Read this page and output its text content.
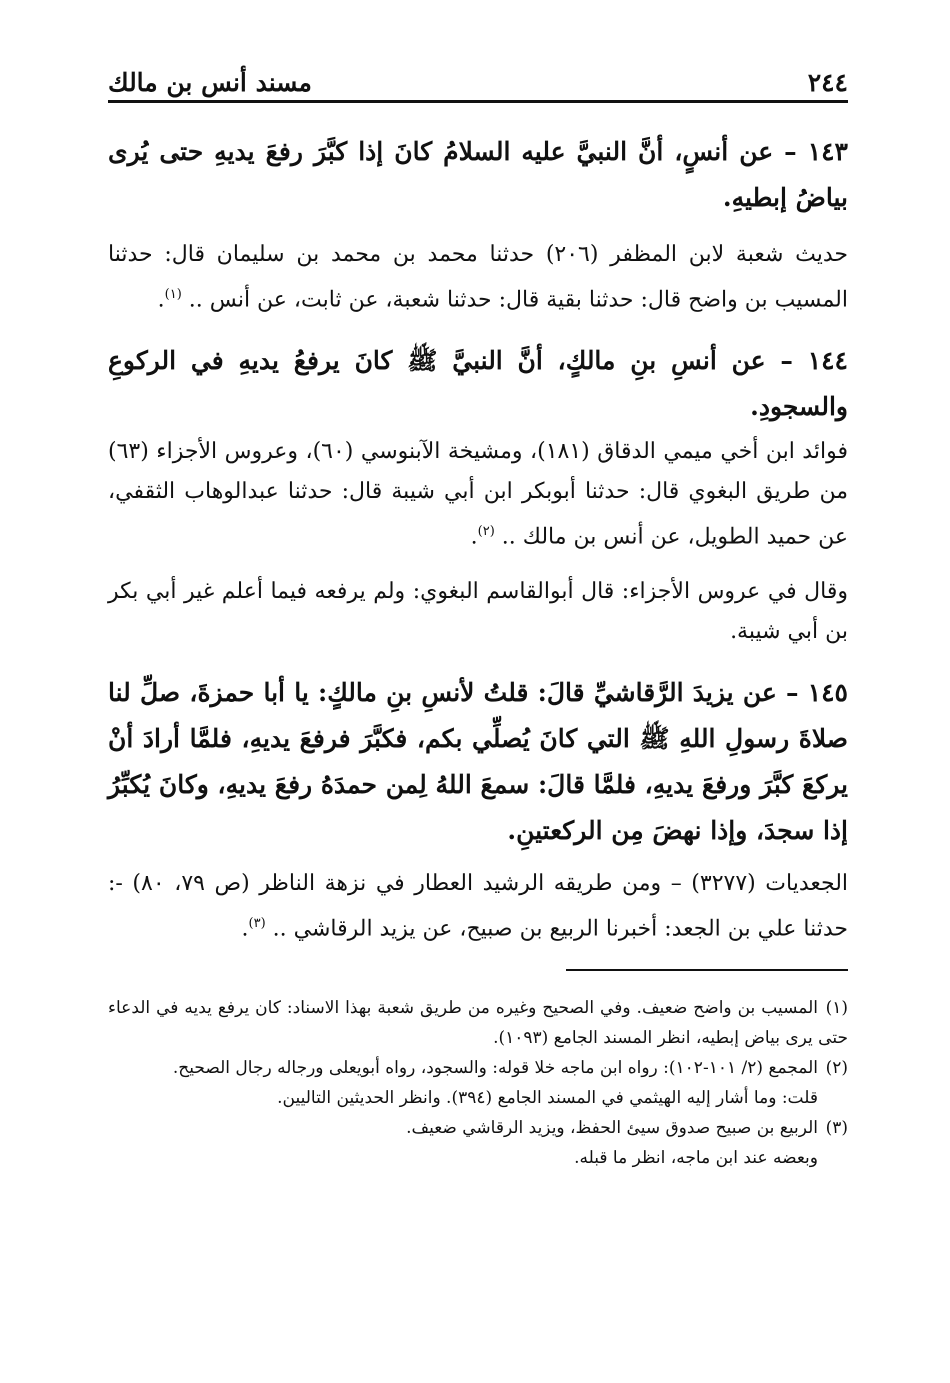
٢٤٤
مسند أنس بن مالك

١٤٣ – عن أنسٍ، أنَّ النبيَّ عليه السلامُ كانَ إذا كبَّرَ رفعَ يديهِ حتى يُرى بياضُ إبطيهِ.

حديث شعبة لابن المظفر (٢٠٦) حدثنا محمد بن محمد بن سليمان قال: حدثنا المسيب بن واضح قال: حدثنا بقية قال: حدثنا شعبة، عن ثابت، عن أنس .. $^{(١)}$.

١٤٤ – عن أنسِ بنِ مالكٍ، أنَّ النبيَّ ﷺ كانَ يرفعُ يديهِ في الركوعِ والسجودِ.

فوائد ابن أخي ميمي الدقاق (١٨١)، ومشيخة الآبنوسي (٦٠)، وعروس الأجزاء (٦٣) من طريق البغوي قال: حدثنا أبوبكر ابن أبي شيبة قال: حدثنا عبدالوهاب الثقفي، عن حميد الطويل، عن أنس بن مالك .. $^{(٢)}$.

وقال في عروس الأجزاء: قال أبوالقاسم البغوي: ولم يرفعه فيما أعلم غير أبي بكر بن أبي شيبة.

١٤٥ – عن يزيدَ الرَّقاشيِّ قالَ: قلتُ لأنسِ بنِ مالكٍ: يا أبا حمزةَ، صلِّ لنا صلاةَ رسولِ اللهِ ﷺ التي كانَ يُصلِّي بكم، فكبَّرَ فرفعَ يديهِ، فلمَّا أرادَ أنْ يركعَ كبَّرَ ورفعَ يديهِ، فلمَّا قالَ: سمعَ اللهُ لِمن حمدَهُ رفعَ يديهِ، وكانَ يُكبِّرُ إذا سجدَ، وإذا نهضَ مِن الركعتينِ.

الجعديات (٣٢٧٧) – ومن طريقه الرشيد العطار في نزهة الناظر (ص ٧٩، ٨٠) -: حدثنا علي بن الجعد: أخبرنا الربيع بن صبيح، عن يزيد الرقاشي .. $^{(٣)}$.

(١)المسيب بن واضح ضعيف. وفي الصحيح وغيره من طريق شعبة بهذا الاسناد: كان يرفع يديه في الدعاء حتى يرى بياض إبطيه، انظر المسند الجامع (١٠٩٣).

(٢)المجمع (٢/ ١٠١-١٠٢): رواه ابن ماجه خلا قوله: والسجود، رواه أبويعلى ورجاله رجال الصحيح.

قلت: وما أشار إليه الهيثمي في المسند الجامع (٣٩٤). وانظر الحديثين التاليين.

(٣)الربيع بن صبيح صدوق سيئ الحفظ، ويزيد الرقاشي ضعيف.

وبعضه عند ابن ماجه، انظر ما قبله.
